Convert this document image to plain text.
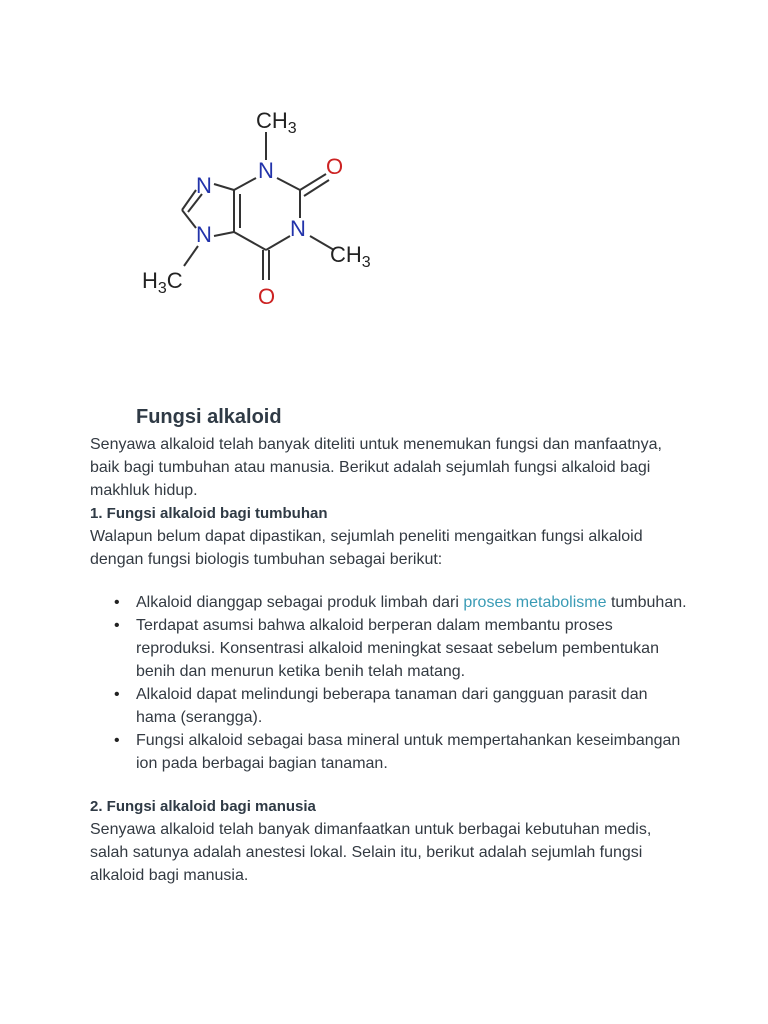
$CH_3$
N O
N
N	N
$CH_3$
$H_3C$
O
Fungsi alkaloid

Senyawa alkaloid telah banyak diteliti untuk menemukan fungsi dan manfaatnya, baik bagi tumbuhan atau manusia. Berikut adalah sejumlah fungsi alkaloid bagi makhluk hidup.

1. Fungsi alkaloid bagi tumbuhan

Walapun belum dapat dipastikan, sejumlah peneliti mengaitkan fungsi alkaloid dengan fungsi biologis tumbuhan sebagai berikut:

• Alkaloid dianggap sebagai produk limbah dari proses metabolisme tumbuhan.
• Terdapat asumsi bahwa alkaloid berperan dalam membantu proses reproduksi. Konsentrasi alkaloid meningkat sesaat sebelum pembentukan benih dan menurun ketika benih telah matang.
• Alkaloid dapat melindungi beberapa tanaman dari gangguan parasit dan hama (serangga).
• Fungsi alkaloid sebagai basa mineral untuk mempertahankan keseimbangan ion pada berbagai bagian tanaman.
2. Fungsi alkaloid bagi manusia

Senyawa alkaloid telah banyak dimanfaatkan untuk berbagai kebutuhan medis, salah satunya adalah anestesi lokal. Selain itu, berikut adalah sejumlah fungsi alkaloid bagi manusia.
